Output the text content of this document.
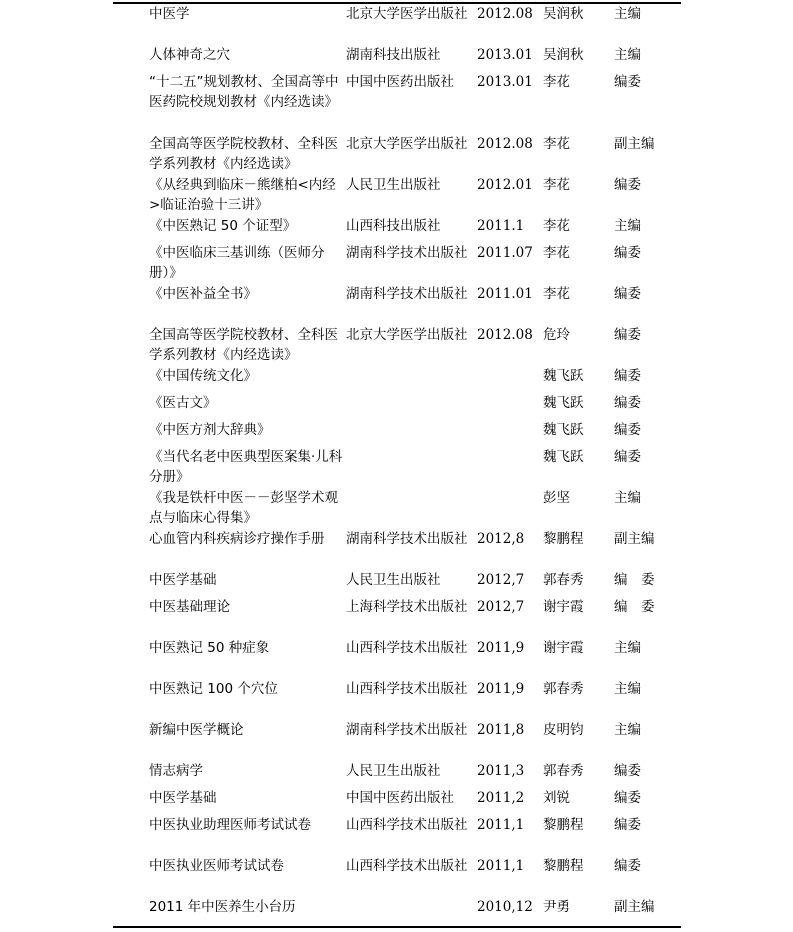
中医学	北京大学医学出版社	2012.08	吴润秋	主编
人体神奇之穴	湖南科技出版社	2013.01	吴润秋	主编
“十二五”规划教材、全国高等中医药院校规划教材《内经选读》	中国中医药出版社	2013.01	李花	编委
全国高等医学院校教材、全科医学系列教材《内经选读》	北京大学医学出版社	2012.08	李花	副主编
《从经典到临床－熊继柏<内经>临证治验十三讲》	人民卫生出版社	2012.01	李花	编委
《中医熟记 50 个证型》	山西科技出版社	2011.1	李花	主编
《中医临床三基训练（医师分册）》	湖南科学技术出版社	2011.07	李花	编委
《中医补益全书》	湖南科学技术出版社	2011.01	李花	编委
全国高等医学院校教材、全科医学系列教材《内经选读》	北京大学医学出版社	2012.08	危玲	编委
《中国传统文化》			魏飞跃	编委
《医古文》			魏飞跃	编委
《中医方剂大辞典》			魏飞跃	编委
《当代名老中医典型医案集·儿科分册》			魏飞跃	编委
《我是铁杆中医－－彭坚学术观点与临床心得集》			彭坚	主编
心血管内科疾病诊疗操作手册	湖南科学技术出版社	2012,8	黎鹏程	副主编
中医学基础	人民卫生出版社	2012,7	郭春秀	编　委
中医基础理论	上海科学技术出版社	2012,7	谢宇霞	编　委
中医熟记 50 种症象	山西科学技术出版社	2011,9	谢宇霞	主编
中医熟记 100 个穴位	山西科学技术出版社	2011,9	郭春秀	主编
新编中医学概论	湖南科学技术出版社	2011,8	皮明钧	主编
情志病学	人民卫生出版社	2011,3	郭春秀	编委
中医学基础	中国中医药出版社	2011,2	刘锐	编委
中医执业助理医师考试试卷	山西科学技术出版社	2011,1	黎鹏程	编委
中医执业医师考试试卷	山西科学技术出版社	2011,1	黎鹏程	编委
2011 年中医养生小台历		2010,12	尹勇	副主编
